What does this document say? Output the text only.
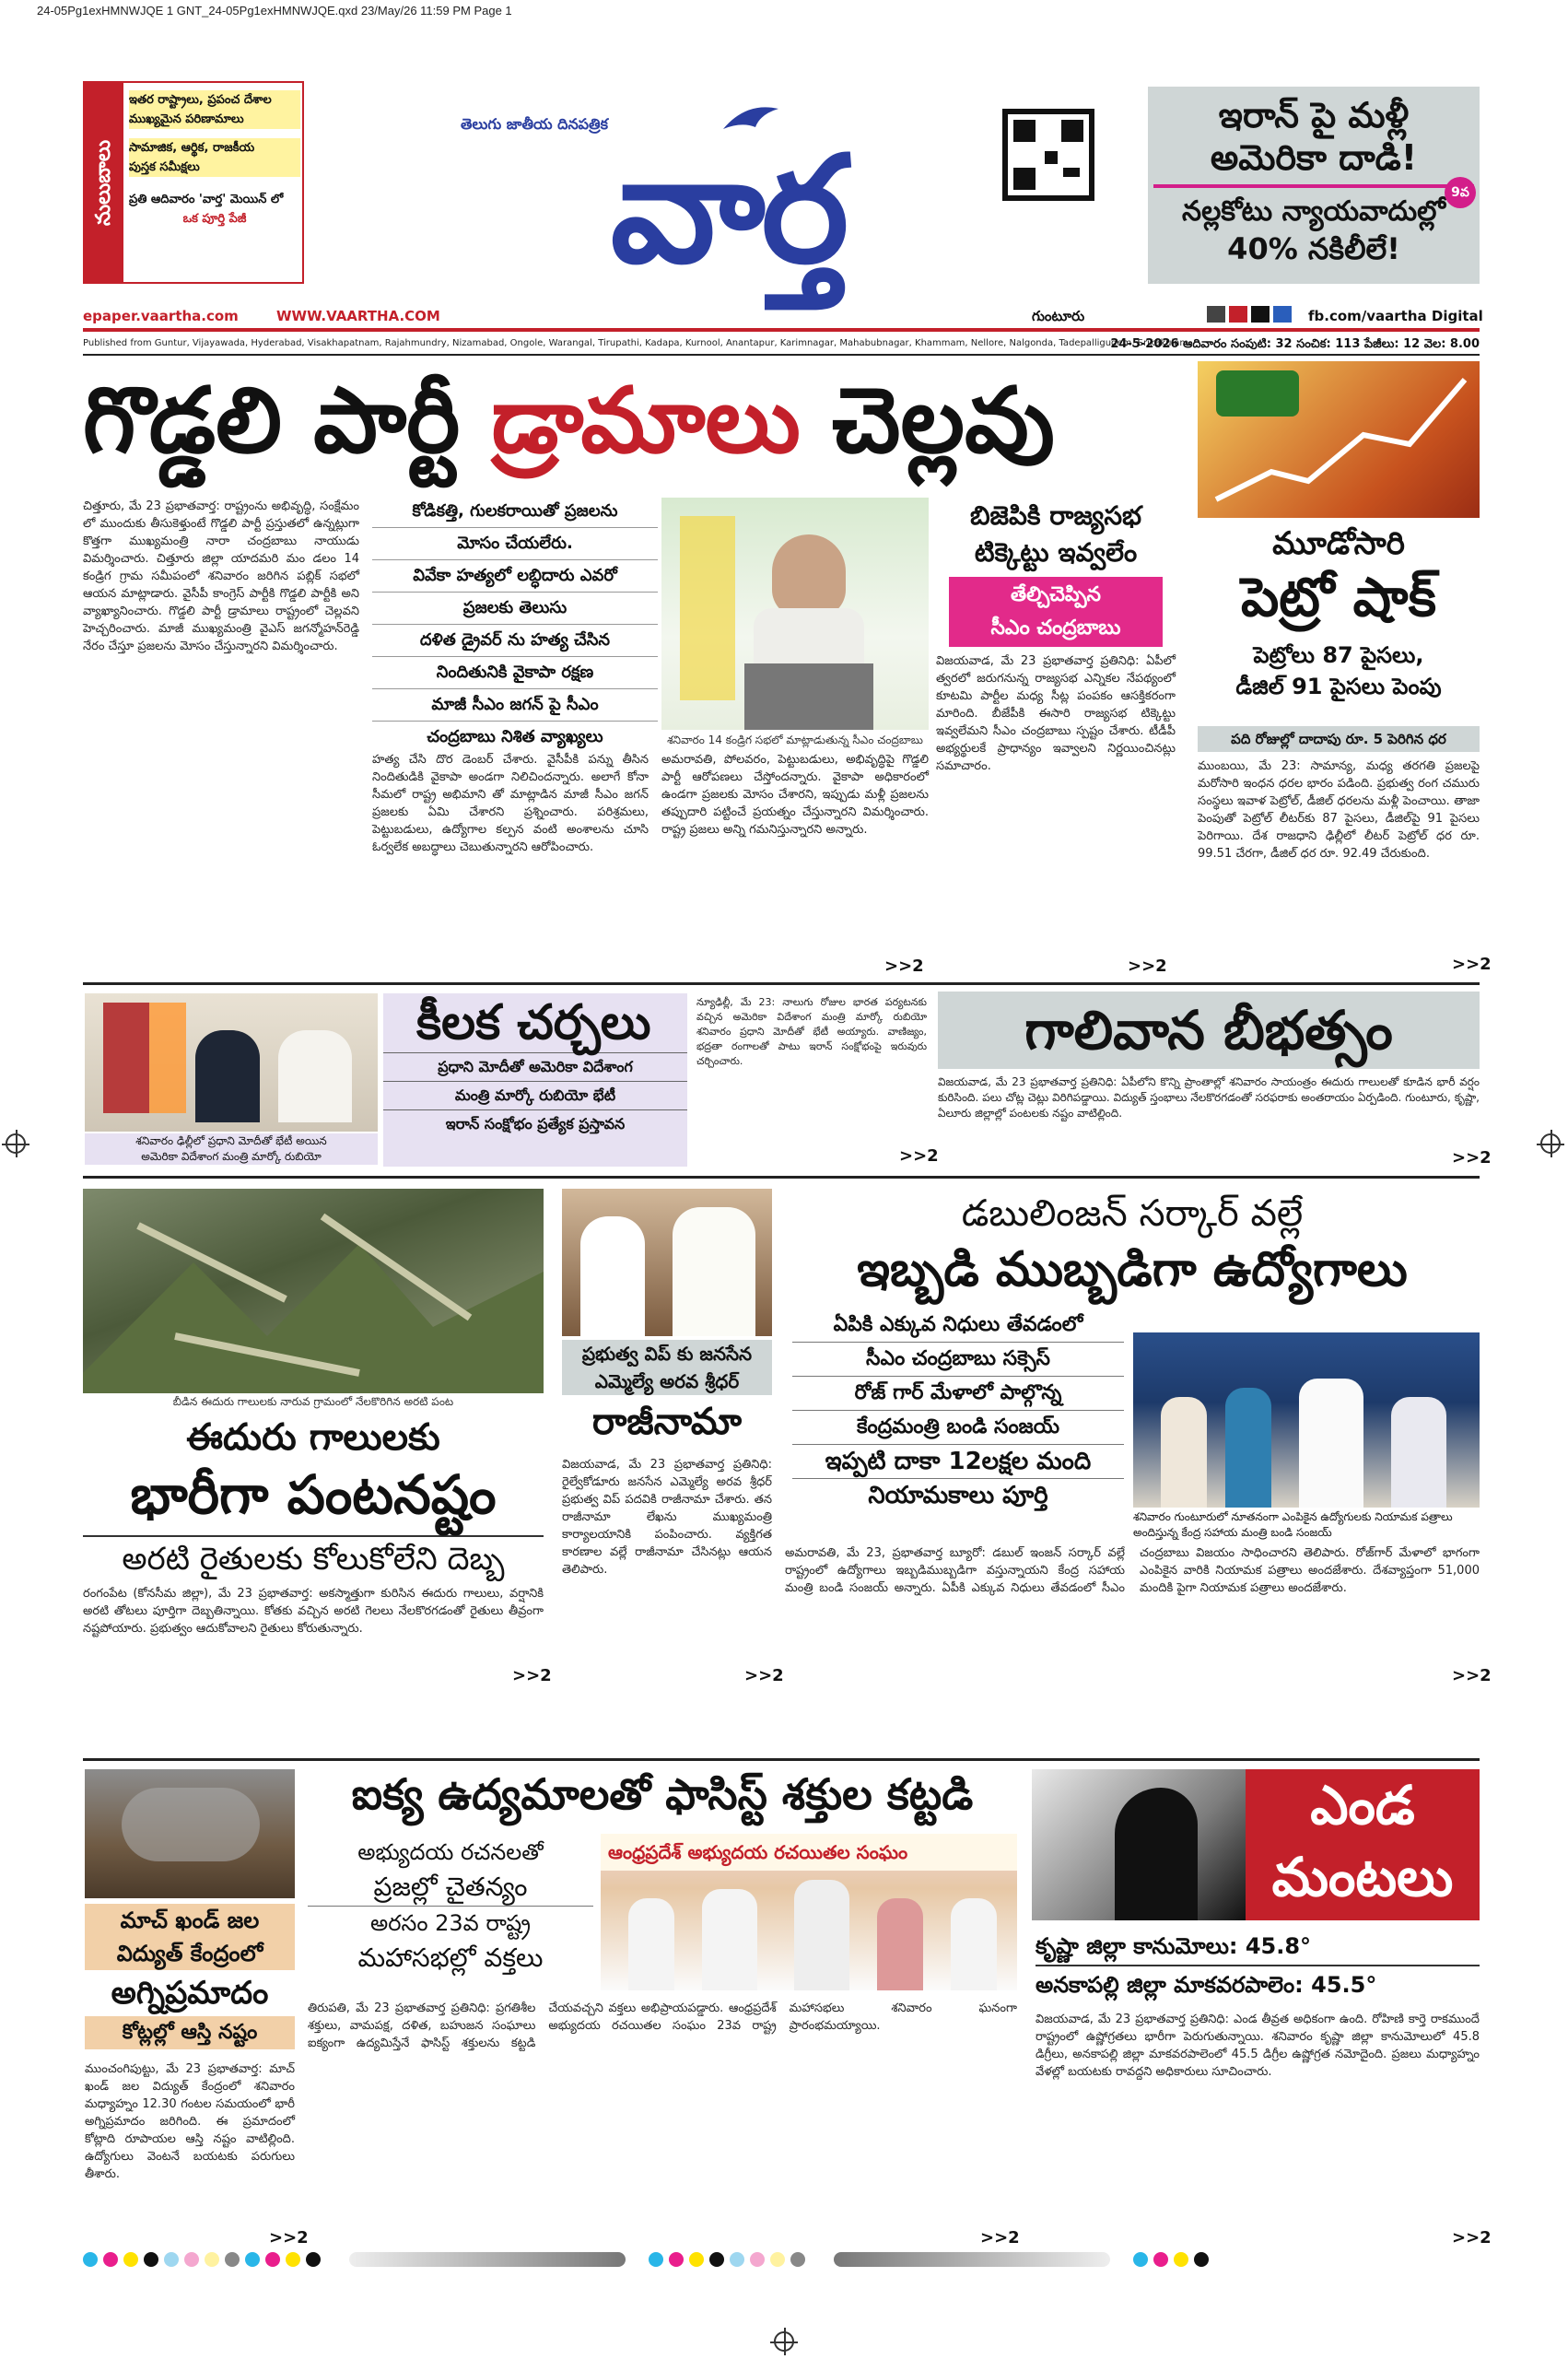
24-05Pg1exHMNWJQE 1 GNT_24-05Pg1exHMNWJQE.qxd 23/May/26 11:59 PM Page 1
నులుబాలు
ఇతర రాష్ట్రాలు, ప్రపంచ దేశాల
ముఖ్యమైన పరిణామాలు
సామాజిక, ఆర్థిక, రాజకీయ
పుస్తక సమీక్షలు
ప్రతి ఆదివారం 'వార్త' మెయిన్ లో
ఒక పూర్తి పేజీ
తెలుగు జాతీయ దినపత్రిక వార్త
ఇరాన్ పై మళ్లీ
అమెరికా దాడి!
9వ
నల్లకోటు న్యాయవాదుల్లో
40% నకిలీలే!
epaper.vaartha.com	WWW.VAARTHA.COM	గుంటూరు	fb.com/vaartha Digital
Published from Guntur, Vijayawada, Hyderabad, Visakhapatnam, Rajahmundry, Nizamabad, Ongole, Warangal, Tirupathi, Kadapa, Kurnool, Anantapur, Karimnagar, Mahabubnagar, Khammam, Nellore, Nalgonda, Tadepalligudem, Srikakulam
24-5-2026 ఆదివారం సంపుటి: 32 సంచిక: 113 పేజీలు: 12 వెల: 8.00
గొడ్డలి పార్టీ డ్రామాలు చెల్లవు
చిత్తూరు, మే 23 ప్రభాతవార్త: రాష్ట్రంను అభివృద్ధి, సంక్షేమం లో ముందుకు తీసుకెళ్తుంటే గొడ్డలి పార్టీ ప్రస్తుతలో ఉన్నట్లుగా కొత్తగా ముఖ్యమంత్రి నారా చంద్రబాబు నాయుడు విమర్శించారు. చిత్తూరు జిల్లా యాదమరి మం డలం 14 కండ్రిగ గ్రామ సమీపంలో శనివారం జరిగిన పబ్లిక్ సభలో ఆయన మాట్లాడారు. వైసీపీ కాంగ్రెస్ పార్టీకి గొడ్డలి పార్టీకి అని వ్యాఖ్యానించారు. గొడ్డలి పార్టీ డ్రామాలు రాష్ట్రంలో చెల్లవని హెచ్చరించారు. మాజీ ముఖ్యమంత్రి వైఎస్ జగన్మోహన్‌రెడ్డి నేరం చేస్తూ ప్రజలను మోసం చేస్తున్నారని విమర్శించారు.
కోడికత్తి, గులకరాయితో ప్రజలను
మోసం చేయలేరు.
వివేకా హత్యలో లబ్ధిదారు ఎవరో
ప్రజలకు తెలుసు
దళిత డ్రైవర్ ను హత్య చేసిన
నిందితునికి వైకాపా రక్షణ
మాజీ సీఎం జగన్ పై సీఎం
చంద్రబాబు నిశిత వ్యాఖ్యలు	శనివారం 14 కండ్రిగ సభలో మాట్లాడుతున్న సీఎం చంద్రబాబు
హత్య చేసి దొర డెంబర్ చేశారు. వైసీపీకి పన్ను తీసిన నిందితుడికి వైకాపా అండగా నిలిచిందన్నారు. అలాగే కోనా సీమలో రాష్ట్ర అభిమాని తో మాట్లాడిన మాజీ సీఎం జగన్ ప్రజలకు ఏమి చేశారని ప్రశ్నించారు. పరిశ్రమలు, పెట్టుబడులు, ఉద్యోగాల కల్పన వంటి అంశాలను చూసి ఓర్వలేక అబద్ధాలు చెబుతున్నారని ఆరోపించారు.
అమరావతి, పోలవరం, పెట్టుబడులు, అభివృద్ధిపై గొడ్డలి పార్టీ ఆరోపణలు చేస్తోందన్నారు. వైకాపా అధికారంలో ఉండగా ప్రజలకు మోసం చేశారని, ఇప్పుడు మళ్లీ ప్రజలను తప్పుదారి పట్టించే ప్రయత్నం చేస్తున్నారని విమర్శించారు. రాష్ట్ర ప్రజలు అన్ని గమనిస్తున్నారని అన్నారు.
>>2
బిజెపికి రాజ్యసభ
టిక్కెట్టు ఇవ్వలేం
తేల్చిచెప్పిన
సీఎం చంద్రబాబు
విజయవాడ, మే 23 ప్రభాతవార్త ప్రతినిధి: ఏపీలో త్వరలో జరుగనున్న రాజ్యసభ ఎన్నికల నేపథ్యంలో కూటమి పార్టీల మధ్య సీట్ల పంపకం ఆసక్తికరంగా మారింది. బీజేపీకి ఈసారి రాజ్యసభ టిక్కెట్టు ఇవ్వలేమని సీఎం చంద్రబాబు స్పష్టం చేశారు. టీడీపీ అభ్యర్థులకే ప్రాధాన్యం ఇవ్వాలని నిర్ణయించినట్లు సమాచారం.
>>2
మూడోసారి
పెట్రో షాక్
పెట్రోలు 87 పైసలు,
డీజిల్ 91 పైసలు పెంపు
పది రోజుల్లో దాదాపు రూ. 5 పెరిగిన ధర
ముంబయి, మే 23: సామాన్య, మధ్య తరగతి ప్రజలపై మరోసారి ఇంధన ధరల భారం పడింది. ప్రభుత్వ రంగ చమురు సంస్థలు ఇవాళ పెట్రోల్, డీజిల్ ధరలను మళ్లీ పెంచాయి. తాజా పెంపుతో పెట్రోల్ లీటర్‌కు 87 పైసలు, డీజిల్‌పై 91 పైసలు పెరిగాయి. దేశ రాజధాని ఢిల్లీలో లీటర్ పెట్రోల్ ధర రూ. 99.51 చేరగా, డీజిల్ ధర రూ. 92.49 చేరుకుంది.
>>2
శనివారం ఢిల్లీలో ప్రధాని మోదీతో భేటీ అయిన
అమెరికా విదేశాంగ మంత్రి మార్కో రుబియో
కీలక చర్చలు
ప్రధాని మోదీతో అమెరికా విదేశాంగ
మంత్రి మార్కో రుబియో భేటీ
ఇరాన్ సంక్షోభం ప్రత్యేక ప్రస్తావన
న్యూఢిల్లీ, మే 23: నాలుగు రోజుల భారత పర్యటనకు వచ్చిన అమెరికా విదేశాంగ మంత్రి మార్కో రుబియో శనివారం ప్రధాని మోదీతో భేటీ అయ్యారు. వాణిజ్యం, భద్రతా రంగాలతో పాటు ఇరాన్ సంక్షోభంపై ఇరువురు చర్చించారు.
>>2
గాలివాన బీభత్సం
విజయవాడ, మే 23 ప్రభాతవార్త ప్రతినిధి: ఏపీలోని కొన్ని ప్రాంతాల్లో శనివారం సాయంత్రం ఈదురు గాలులతో కూడిన భారీ వర్షం కురిసింది. పలు చోట్ల చెట్లు విరిగిపడ్డాయి. విద్యుత్ స్తంభాలు నేలకొరగడంతో సరఫరాకు అంతరాయం ఏర్పడింది. గుంటూరు, కృష్ణా, ఏలూరు జిల్లాల్లో పంటలకు నష్టం వాటిల్లింది.
>>2
బీడిన ఈదురు గాలులకు నారువ గ్రామంలో నేలకొరిగిన అరటి పంట
ఈదురు గాలులకు
భారీగా పంటనష్టం
అరటి రైతులకు కోలుకోలేని దెబ్బ
రంగంపేట (కోనసీమ జిల్లా), మే 23 ప్రభాతవార్త: అకస్మాత్తుగా కురిసిన ఈదురు గాలులు, వర్షానికి అరటి తోటలు పూర్తిగా దెబ్బతిన్నాయి. కోతకు వచ్చిన అరటి గెలలు నేలకొరగడంతో రైతులు తీవ్రంగా నష్టపోయారు. ప్రభుత్వం ఆదుకోవాలని రైతులు కోరుతున్నారు.
>>2
ప్రభుత్వ విప్ కు జనసేన
ఎమ్మెల్యే అరవ శ్రీధర్
రాజీనామా
విజయవాడ, మే 23 ప్రభాతవార్త ప్రతినిధి: రైల్వేకోడూరు జనసేన ఎమ్మెల్యే అరవ శ్రీధర్ ప్రభుత్వ విప్ పదవికి రాజీనామా చేశారు. తన రాజీనామా లేఖను ముఖ్యమంత్రి కార్యాలయానికి పంపించారు. వ్యక్తిగత కారణాల వల్లే రాజీనామా చేసినట్లు ఆయన తెలిపారు.
>>2
డబులింజన్ సర్కార్ వల్లే
ఇబ్బడి ముబ్బడిగా ఉద్యోగాలు
ఏపికి ఎక్కువ నిధులు తేవడంలో
సీఎం చంద్రబాబు సక్సెస్
రోజ్ గార్ మేళాలో పాల్గొన్న
కేంద్రమంత్రి బండి సంజయ్
ఇప్పటి దాకా 12లక్షల మంది
నియామకాలు పూర్తి
శనివారం గుంటూరులో నూతనంగా ఎంపికైన ఉద్యోగులకు నియామక పత్రాలు అందిస్తున్న కేంద్ర సహాయ మంత్రి బండి సంజయ్
అమరావతి, మే 23, ప్రభాతవార్త బ్యూరో: డబుల్ ఇంజన్ సర్కార్ వల్లే రాష్ట్రంలో ఉద్యోగాలు ఇబ్బడిముబ్బడిగా వస్తున్నాయని కేంద్ర సహాయ మంత్రి బండి సంజయ్ అన్నారు. ఏపీకి ఎక్కువ నిధులు తేవడంలో సీఎం చంద్రబాబు విజయం సాధించారని తెలిపారు. రోజ్‌గార్ మేళాలో భాగంగా ఎంపికైన వారికి నియామక పత్రాలు అందజేశారు. దేశవ్యాప్తంగా 51,000 మందికి పైగా నియామక పత్రాలు అందజేశారు.
>>2
మాచ్ ఖండ్ జల
విద్యుత్ కేంద్రంలో
అగ్నిప్రమాదం
కోట్లల్లో ఆస్తి నష్టం
ముంచంగిపుట్టు, మే 23 ప్రభాతవార్త: మాచ్ ఖండ్ జల విద్యుత్ కేంద్రంలో శనివారం మధ్యాహ్నం 12.30 గంటల సమయంలో భారీ అగ్నిప్రమాదం జరిగింది. ఈ ప్రమాదంలో కోట్లాది రూపాయల ఆస్తి నష్టం వాటిల్లింది. ఉద్యోగులు వెంటనే బయటకు పరుగులు తీశారు.
>>2
ఐక్య ఉద్యమాలతో ఫాసిస్ట్ శక్తుల కట్టడి
అభ్యుదయ రచనలతో
ప్రజల్లో చైతన్యం
అరసం 23వ రాష్ట్ర
మహాసభల్లో వక్తలు
ఆంధ్రప్రదేశ్ అభ్యుదయ రచయితల సంఘం
తిరుపతి, మే 23 ప్రభాతవార్త ప్రతినిధి: ప్రగతిశీల శక్తులు, వామపక్ష, దళిత, బహుజన సంఘాలు ఐక్యంగా ఉద్యమిస్తేనే ఫాసిస్ట్ శక్తులను కట్టడి చేయవచ్చని వక్తలు అభిప్రాయపడ్డారు. ఆంధ్రప్రదేశ్ అభ్యుదయ రచయితల సంఘం 23వ రాష్ట్ర మహాసభలు శనివారం ఘనంగా ప్రారంభమయ్యాయి.
>>2
ఎండ
మంటలు
కృష్ణా జిల్లా కానుమోలు: 45.8°
అనకాపల్లి జిల్లా మాకవరపాలెం: 45.5°
విజయవాడ, మే 23 ప్రభాతవార్త ప్రతినిధి: ఎండ తీవ్రత అధికంగా ఉంది. రోహిణి కార్తె రాకముందే రాష్ట్రంలో ఉష్ణోగ్రతలు భారీగా పెరుగుతున్నాయి. శనివారం కృష్ణా జిల్లా కానుమోలులో 45.8 డిగ్రీలు, అనకాపల్లి జిల్లా మాకవరపాలెంలో 45.5 డిగ్రీల ఉష్ణోగ్రత నమోదైంది. ప్రజలు మధ్యాహ్నం వేళల్లో బయటకు రావద్దని అధికారులు సూచించారు.
>>2
